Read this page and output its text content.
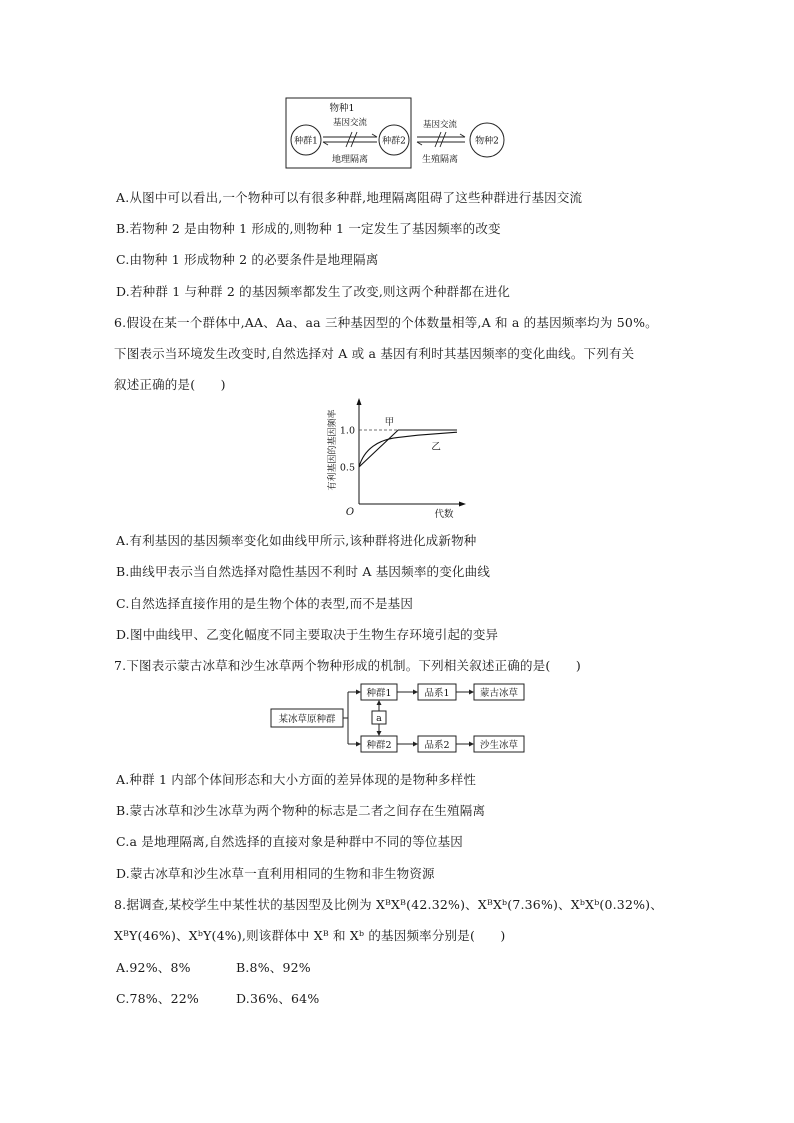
物种1
种群1	种群2
基因交流
地理隔离
基因交流
生殖隔离
物种2
A.从图中可以看出,一个物种可以有很多种群,地理隔离阻碍了这些种群进行基因交流
B.若物种 2 是由物种 1 形成的,则物种 1 一定发生了基因频率的改变
C.由物种 1 形成物种 2 的必要条件是地理隔离
D.若种群 1 与种群 2 的基因频率都发生了改变,则这两个种群都在进化
6.假设在某一个群体中,AA、Aa、aa 三种基因型的个体数量相等,A 和 a 的基因频率均为 50%。
下图表示当环境发生改变时,自然选择对 A 或 a 基因有利时其基因频率的变化曲线。下列有关
叙述正确的是(　　)
有利基因的基因频率
O	代数
0.5
1.0
甲
乙
A.有利基因的基因频率变化如曲线甲所示,该种群将进化成新物种
B.曲线甲表示当自然选择对隐性基因不利时 A 基因频率的变化曲线
C.自然选择直接作用的是生物个体的表型,而不是基因
D.图中曲线甲、乙变化幅度不同主要取决于生物生存环境引起的变异
7.下图表示蒙古冰草和沙生冰草两个物种形成的机制。下列相关叙述正确的是(　　)
某冰草原种群
种群1
种群2
a
品系1
品系2
蒙古冰草
沙生冰草
A.种群 1 内部个体间形态和大小方面的差异体现的是物种多样性
B.蒙古冰草和沙生冰草为两个物种的标志是二者之间存在生殖隔离
C.a 是地理隔离,自然选择的直接对象是种群中不同的等位基因
D.蒙古冰草和沙生冰草一直利用相同的生物和非生物资源
8.据调查,某校学生中某性状的基因型及比例为 XᴮXᴮ(42.32%)、XᴮXᵇ(7.36%)、XᵇXᵇ(0.32%)、
XᴮY(46%)、XᵇY(4%),则该群体中 Xᴮ 和 Xᵇ 的基因频率分别是(　　)
A.92%、8%	B.8%、92%
C.78%、22%	D.36%、64%
